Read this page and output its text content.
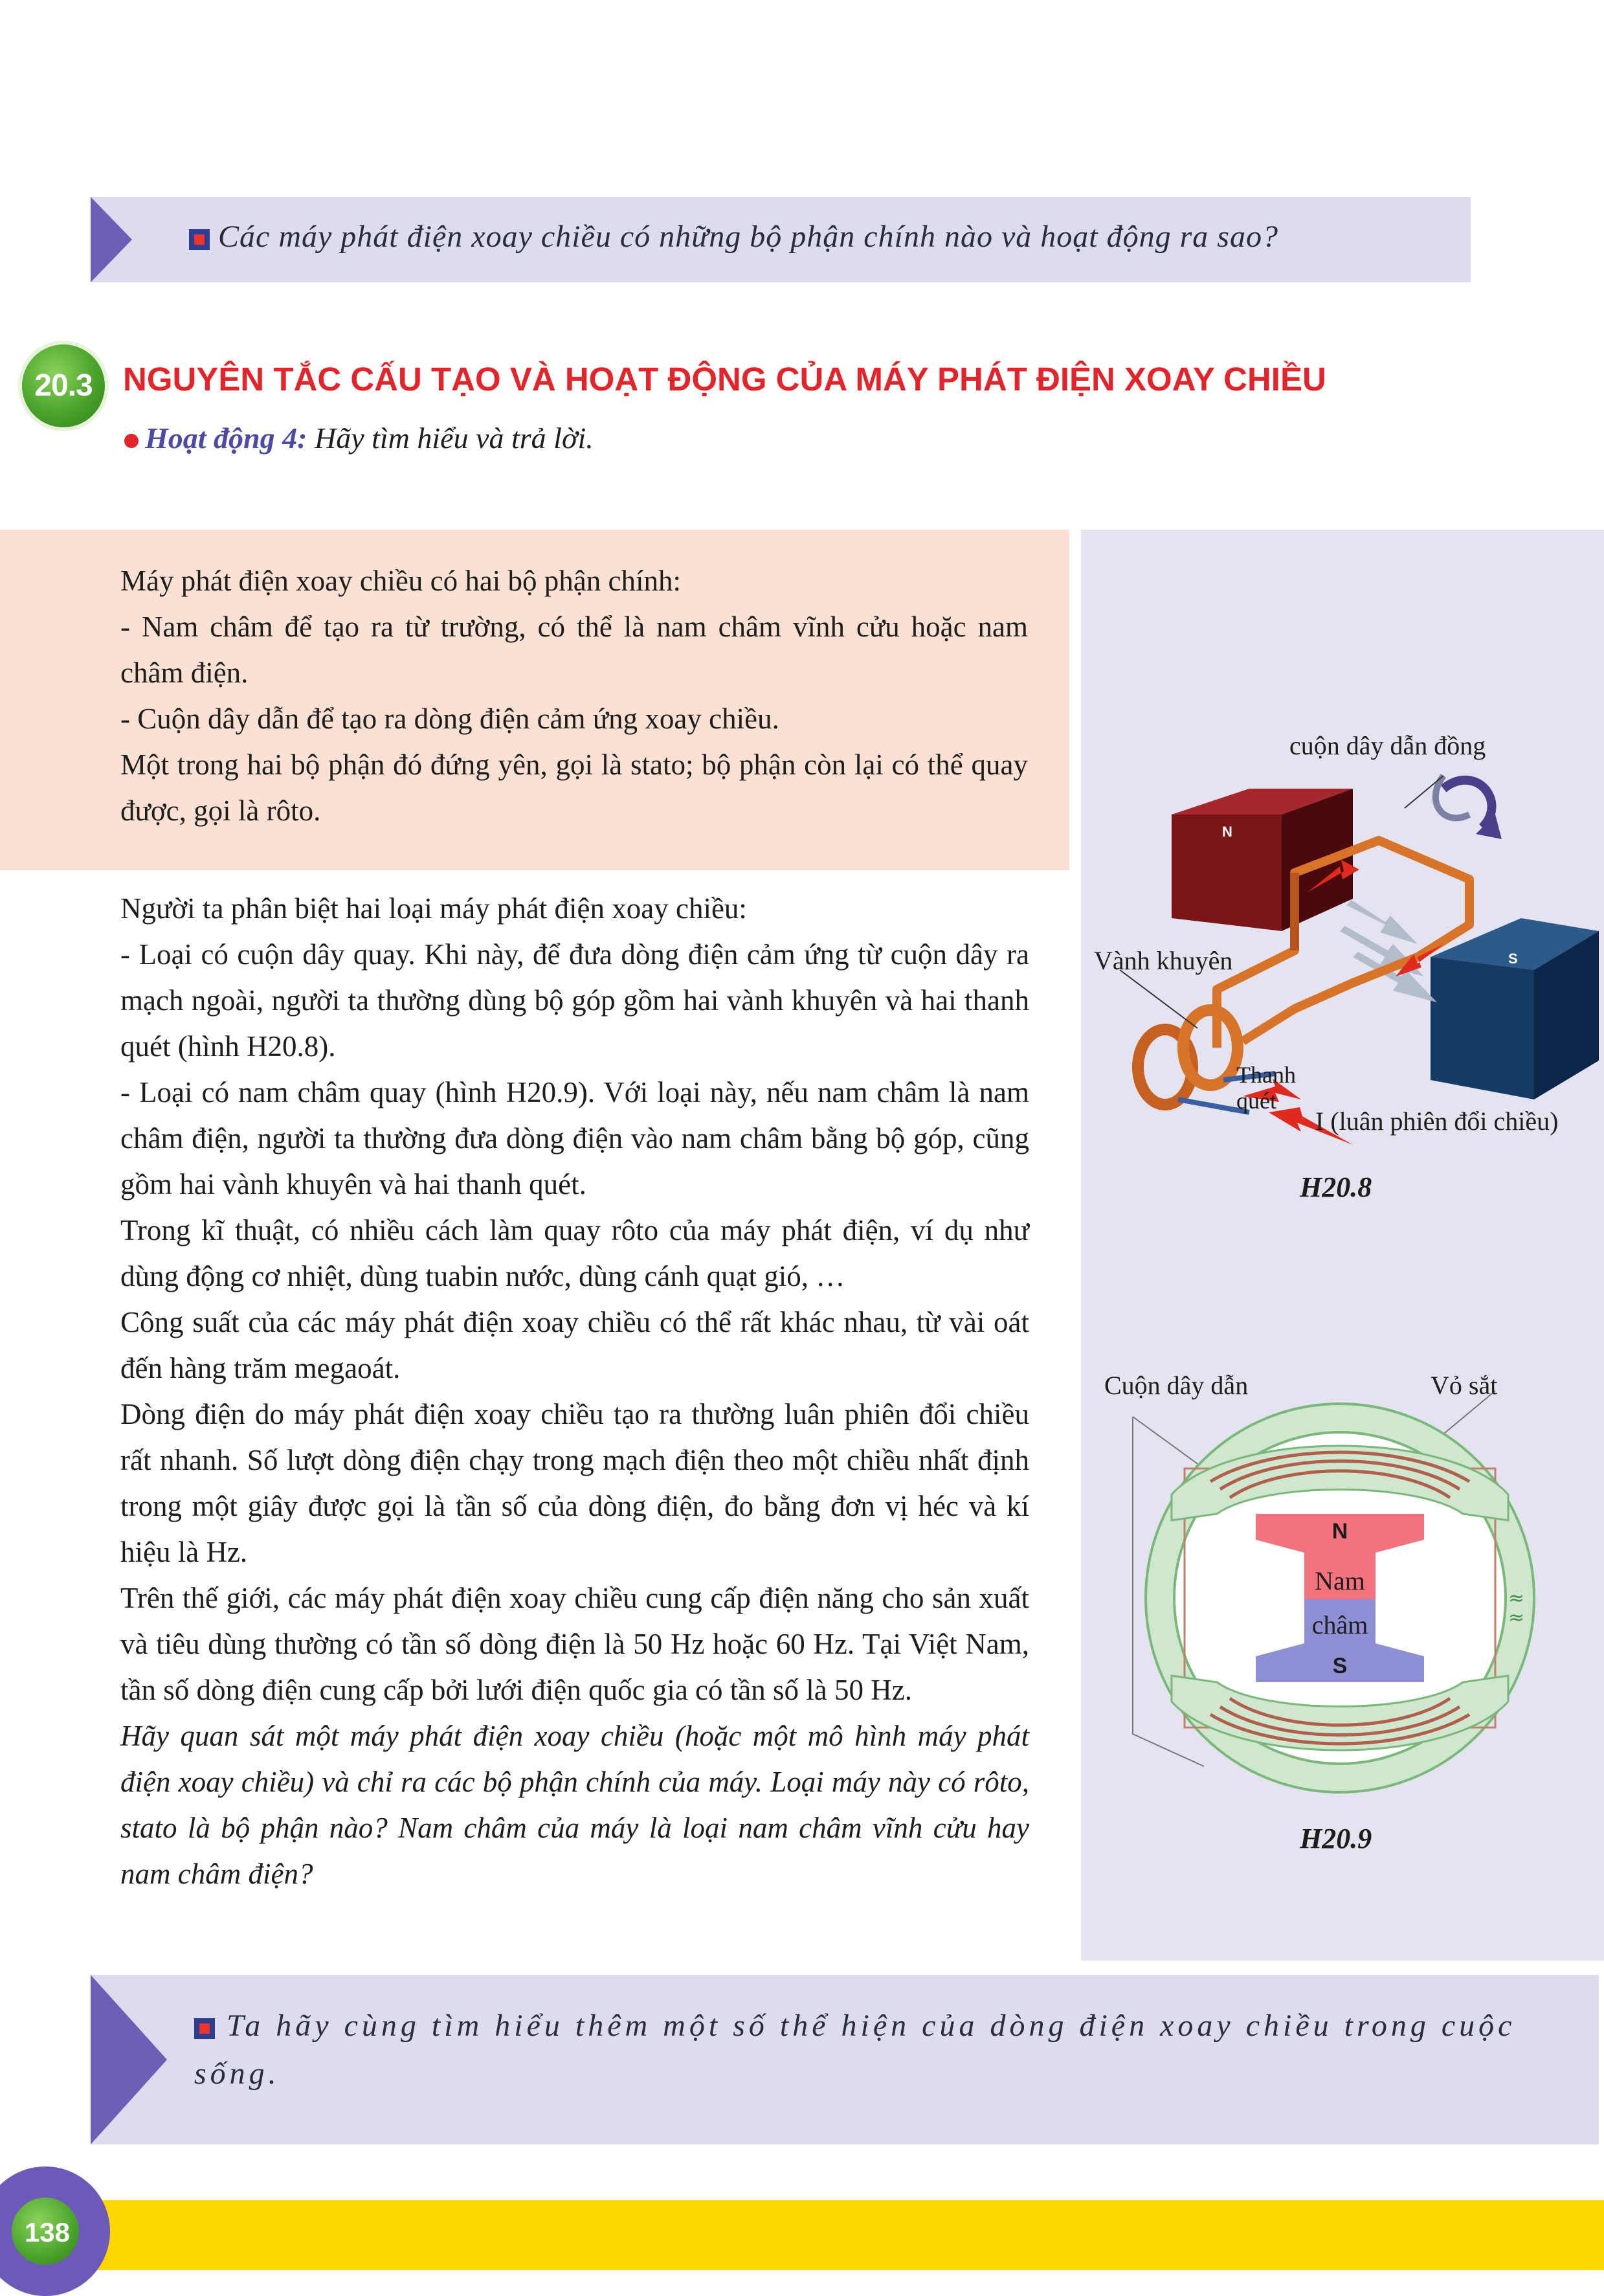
Các máy phát điện xoay chiều có những bộ phận chính nào và hoạt động ra sao?
20.3 NGUYÊN TẮC CẤU TẠO VÀ HOẠT ĐỘNG CỦA MÁY PHÁT ĐIỆN XOAY CHIỀU
Hoạt động 4: Hãy tìm hiểu và trả lời.

Máy phát điện xoay chiều có hai bộ phận chính:

- Nam châm để tạo ra từ trường, có thể là nam châm vĩnh cửu hoặc nam châm điện.

- Cuộn dây dẫn để tạo ra dòng điện cảm ứng xoay chiều.

Một trong hai bộ phận đó đứng yên, gọi là stato; bộ phận còn lại có thể quay được, gọi là rôto.

Người ta phân biệt hai loại máy phát điện xoay chiều:

- Loại có cuộn dây quay. Khi này, để đưa dòng điện cảm ứng từ cuộn dây ra mạch ngoài, người ta thường dùng bộ góp gồm hai vành khuyên và hai thanh quét (hình H20.8).

- Loại có nam châm quay (hình H20.9). Với loại này, nếu nam châm là nam châm điện, người ta thường đưa dòng điện vào nam châm bằng bộ góp, cũng gồm hai vành khuyên và hai thanh quét.

Trong kĩ thuật, có nhiều cách làm quay rôto của máy phát điện, ví dụ như dùng động cơ nhiệt, dùng tuabin nước, dùng cánh quạt gió, …

Công suất của các máy phát điện xoay chiều có thể rất khác nhau, từ vài oát đến hàng trăm megaoát.

Dòng điện do máy phát điện xoay chiều tạo ra thường luân phiên đổi chiều rất nhanh. Số lượt dòng điện chạy trong mạch điện theo một chiều nhất định trong một giây được gọi là tần số của dòng điện, đo bằng đơn vị héc và kí hiệu là Hz.

Trên thế giới, các máy phát điện xoay chiều cung cấp điện năng cho sản xuất và tiêu dùng thường có tần số dòng điện là 50 Hz hoặc 60 Hz. Tại Việt Nam, tần số dòng điện cung cấp bởi lưới điện quốc gia có tần số là 50 Hz.

Hãy quan sát một máy phát điện xoay chiều (hoặc một mô hình máy phát điện xoay chiều) và chỉ ra các bộ phận chính của máy. Loại máy này có rôto, stato là bộ phận nào? Nam châm của máy là loại nam châm vĩnh cửu hay nam châm điện?

N
S
cuộn dây dẫn đồng
Vành khuyên
Thanh quét
I (luân phiên đổi chiều)
H20.8
≈
≈
N
Nam
châm
S
Cuộn dây dẫn	Vỏ sắt
H20.9
Ta hãy cùng tìm hiểu thêm một số thể hiện của dòng điện xoay chiều trong cuộc sống.
138
